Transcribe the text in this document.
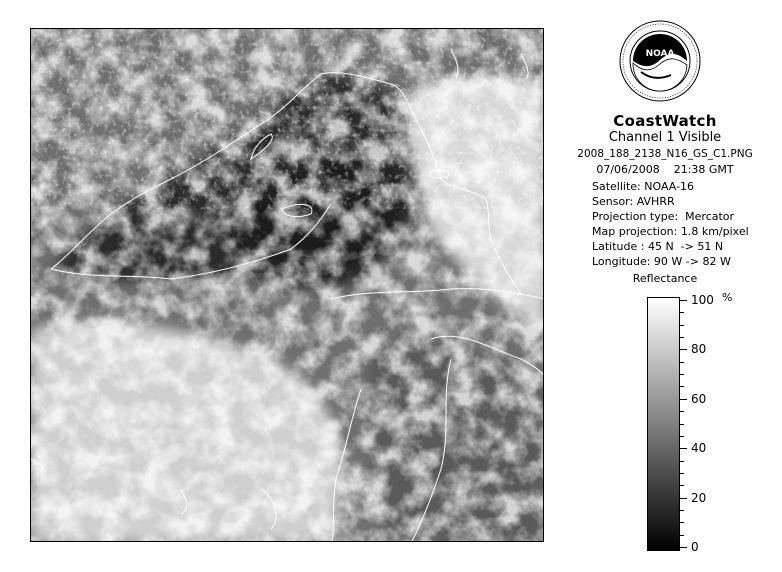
NOAA
CoastWatch
Channel 1 Visible
2008_188_2138_N16_GS_C1.PNG
07/06/2008    21:38 GMT
Satellite: NOAA-16
Sensor: AVHRR
Projection type:  Mercator
Map projection: 1.8 km/pixel
Latitude : 45 N  -> 51 N
Longitude: 90 W -> 82 W
Reflectance
%
100
80
60
40
20
0
